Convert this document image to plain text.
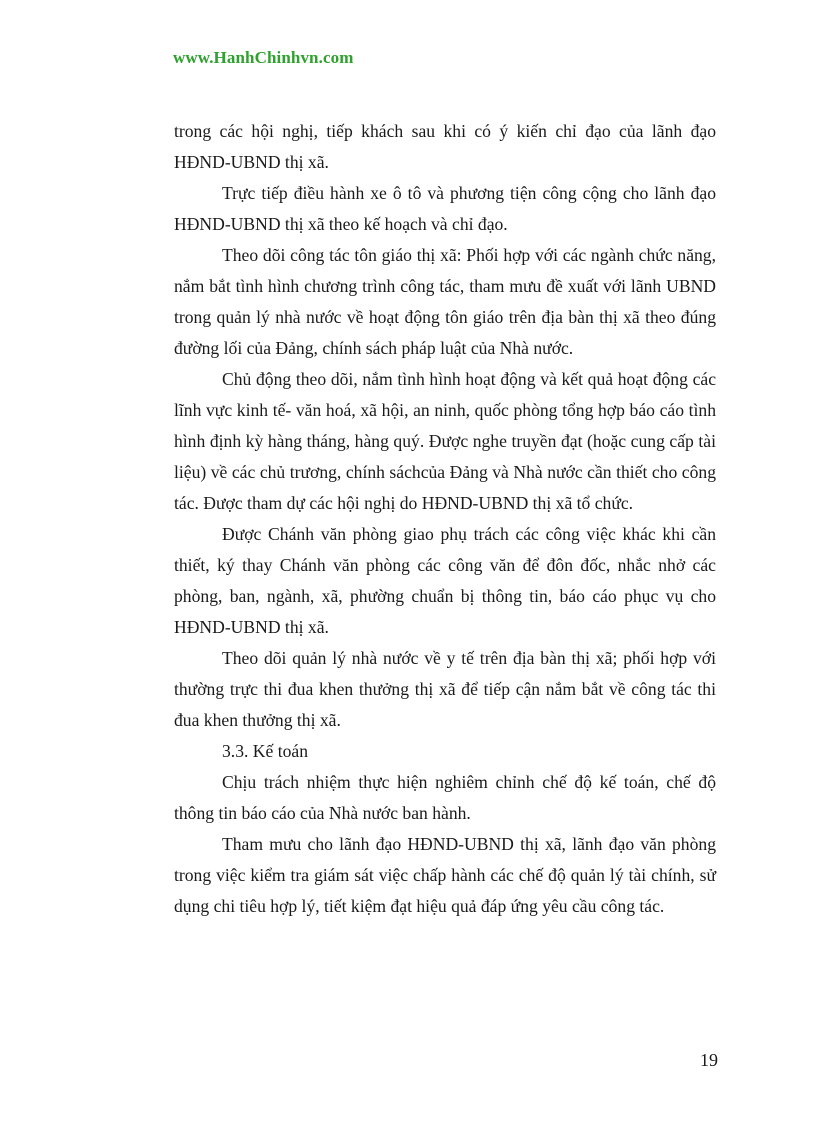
www.HanhChinhvn.com

trong các hội nghị, tiếp khách sau khi có ý kiến chỉ đạo của lãnh đạo HĐND-UBND thị xã.

Trực tiếp điều hành xe ô tô và phương tiện công cộng cho lãnh đạo HĐND-UBND thị xã theo kế hoạch và chỉ đạo.

Theo dõi công tác tôn giáo thị xã: Phối hợp với các ngành chức năng, nắm bắt tình hình chương trình công tác, tham mưu đề xuất với lãnh UBND trong quản lý nhà nước về hoạt động tôn giáo trên địa bàn thị xã theo đúng đường lối của Đảng, chính sách pháp luật của Nhà nước.

Chủ động theo dõi, nắm tình hình hoạt động và kết quả hoạt động các lĩnh vực kinh tế- văn hoá, xã hội, an ninh, quốc phòng tổng hợp báo cáo tình hình định kỳ hàng tháng, hàng quý. Được nghe truyền đạt (hoặc cung cấp tài liệu) về các chủ trương, chính sáchcủa Đảng và Nhà nước cần thiết cho công tác. Được tham dự các hội nghị do HĐND-UBND thị xã tổ chức.

Được Chánh văn phòng giao phụ trách các công việc khác khi cần thiết, ký thay Chánh văn phòng các công văn để đôn đốc, nhắc nhở các phòng, ban, ngành, xã, phường chuẩn bị thông tin, báo cáo phục vụ cho HĐND-UBND thị xã.

Theo dõi quản lý nhà nước về y tế trên địa bàn thị xã; phối hợp với thường trực thi đua khen thưởng thị xã để tiếp cận nắm bắt về công tác thi đua khen thưởng thị xã.

3.3. Kế toán

Chịu trách nhiệm thực hiện nghiêm chỉnh chế độ kế toán, chế độ thông tin báo cáo của Nhà nước ban hành.

Tham mưu cho lãnh đạo HĐND-UBND thị xã, lãnh đạo văn phòng trong việc kiểm tra giám sát việc chấp hành các chế độ quản lý tài chính, sử dụng chi tiêu hợp lý, tiết kiệm đạt hiệu quả đáp ứng yêu cầu công tác.

19
